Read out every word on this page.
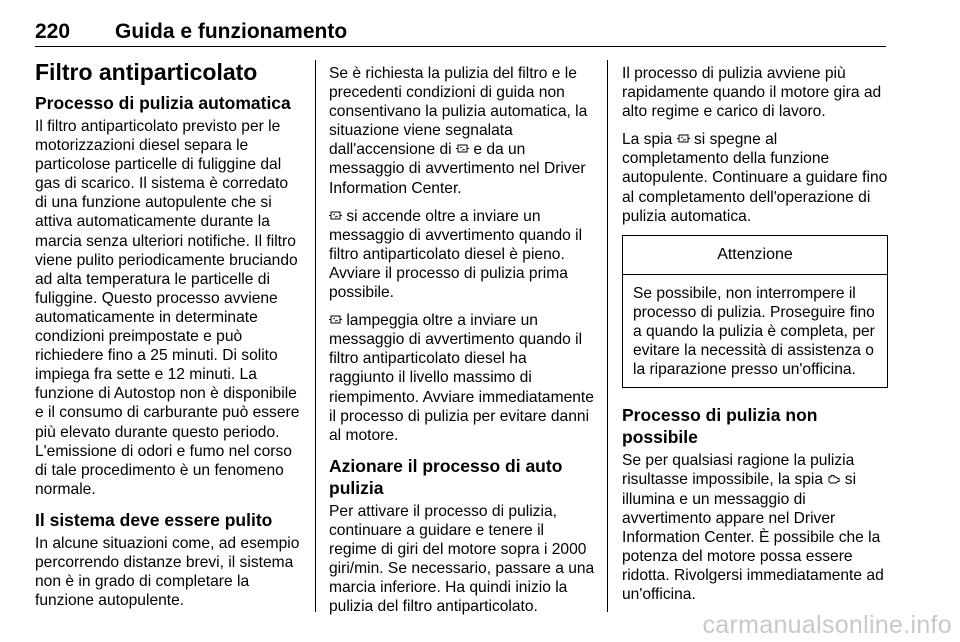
220 Guida e funzionamento
Filtro antiparticolato
Processo di pulizia automatica

Il filtro antiparticolato previsto per le motorizzazioni diesel separa le particolose particelle di fuliggine dal gas di scarico. Il sistema è corredato di una funzione autopulente che si attiva automaticamente durante la marcia senza ulteriori notifiche. Il filtro viene pulito periodicamente bruciando ad alta temperatura le particelle di fuliggine. Questo processo avviene automaticamente in determinate condizioni preimpostate e può richiedere fino a 25 minuti. Di solito impiega fra sette e 12 minuti. La funzione di Autostop non è disponibile e il consumo di carburante può essere più elevato durante questo periodo. L'emissione di odori e fumo nel corso di tale procedimento è un fenomeno normale.

Il sistema deve essere pulito

In alcune situazioni come, ad esempio percorrendo distanze brevi, il sistema non è in grado di completare la funzione autopulente.

Se è richiesta la pulizia del filtro e le precedenti condizioni di guida non consentivano la pulizia automatica, la situazione viene segnalata dall'accensione di e da un messaggio di avvertimento nel Driver Information Center.

si accende oltre a inviare un messaggio di avvertimento quando il filtro antiparticolato diesel è pieno. Avviare il processo di pulizia prima possibile.

lampeggia oltre a inviare un messaggio di avvertimento quando il filtro antiparticolato diesel ha raggiunto il livello massimo di riempimento. Avviare immediatamente il processo di pulizia per evitare danni al motore.

Azionare il processo di auto pulizia

Per attivare il processo di pulizia, continuare a guidare e tenere il regime di giri del motore sopra i 2000 giri/min. Se necessario, passare a una marcia inferiore. Ha quindi inizio la pulizia del filtro antiparticolato.

Il processo di pulizia avviene più rapidamente quando il motore gira ad alto regime e carico di lavoro.

La spia si spegne al completamento della funzione autopulente. Continuare a guidare fino al completamento dell'operazione di pulizia automatica.

Attenzione
Se possibile, non interrompere il processo di pulizia. Proseguire fino a quando la pulizia è completa, per evitare la necessità di assistenza o la riparazione presso un'officina.
Processo di pulizia non possibile

Se per qualsiasi ragione la pulizia risultasse impossibile, la spia si illumina e un messaggio di avvertimento appare nel Driver Information Center. È possibile che la potenza del motore possa essere ridotta. Rivolgersi immediatamente ad un'officina.

carmanualsonline.info
